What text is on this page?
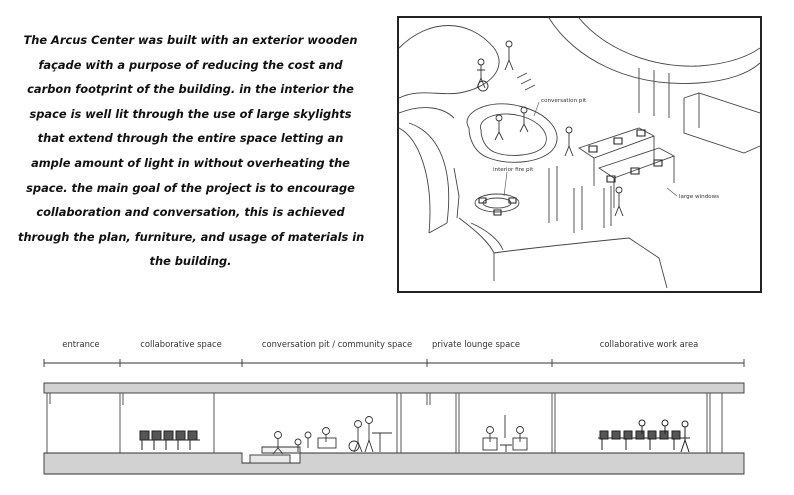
The Arcus Center was built with an exterior wooden
façade with a purpose of reducing the cost and
carbon footprint of the building. in the interior the
space is well lit through the use of large skylights
that extend through the entire space letting an
ample amount of light in without overheating the
space. the main goal of the project is to encourage
collaboration and conversation, this is achieved
through the plan, furniture, and usage of materials in
the building.
conversation pit
interior fire pit
large windows
entrance	collaborative space	conversation pit / community space private lounge space	collaborative work area
